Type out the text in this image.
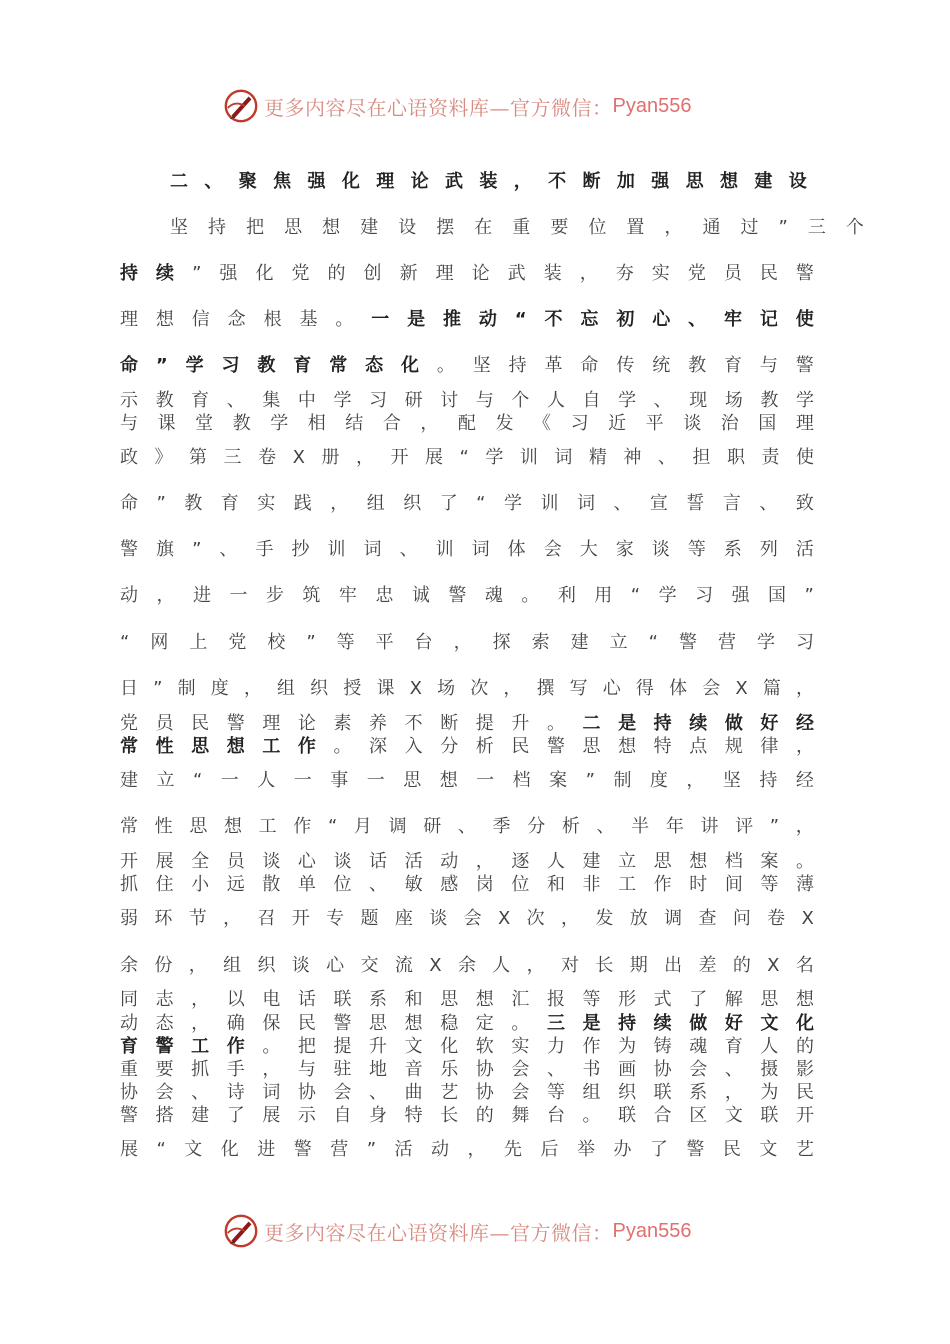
更多内容尽在心语资料库—官方微信： Pyan556
二 、 聚 焦 强 化 理 论 武 装 ， 不 断 加 强 思 想 建 设
坚 持 把 思 想 建 设 摆 在 重 要 位 置 ， 通 过 ” 三 个
持 续 ” 强 化 党 的 创 新 理 论 武 装 ， 夯 实 党 员 民 警
理 想 信 念 根 基 。 一 是 推 动 “ 不 忘 初 心 、 牢 记 使
命 ” 学 习 教 育 常 态 化 。 坚 持 革 命 传 统 教 育 与 警
示 教 育 、 集 中 学 习 研 讨 与 个 人 自 学 、 现 场 教 学
与 课 堂 教 学 相 结 合 ， 配 发 《 习 近 平 谈 治 国 理
政 》 第 三 卷 X 册 ， 开 展 “ 学 训 词 精 神 、 担 职 责 使
命 ” 教 育 实 践 ， 组 织 了 “ 学 训 词 、 宣 誓 言 、 致
警 旗 ” 、 手 抄 训 词 、 训 词 体 会 大 家 谈 等 系 列 活
动 ， 进 一 步 筑 牢 忠 诚 警 魂 。 利 用 “ 学 习 强 国 ”
“ 网 上 党 校 ” 等 平 台 ， 探 索 建 立 “ 警 营 学 习
日 ” 制 度 ， 组 织 授 课 X 场 次 ， 撰 写 心 得 体 会 X 篇 ，
党 员 民 警 理 论 素 养 不 断 提 升 。 二 是 持 续 做 好 经
常 性 思 想 工 作 。 深 入 分 析 民 警 思 想 特 点 规 律 ，
建 立 “ 一 人 一 事 一 思 想 一 档 案 ” 制 度 ， 坚 持 经
常 性 思 想 工 作 “ 月 调 研 、 季 分 析 、 半 年 讲 评 ” ，
开 展 全 员 谈 心 谈 话 活 动 ， 逐 人 建 立 思 想 档 案 。
抓 住 小 远 散 单 位 、 敏 感 岗 位 和 非 工 作 时 间 等 薄
弱 环 节 ， 召 开 专 题 座 谈 会 X 次 ， 发 放 调 查 问 卷 X
余 份 ， 组 织 谈 心 交 流 X 余 人 ， 对 长 期 出 差 的 X 名
同 志 ， 以 电 话 联 系 和 思 想 汇 报 等 形 式 了 解 思 想
动 态 ， 确 保 民 警 思 想 稳 定 。 三 是 持 续 做 好 文 化
育 警 工 作 。 把 提 升 文 化 软 实 力 作 为 铸 魂 育 人 的
重 要 抓 手 ， 与 驻 地 音 乐 协 会 、 书 画 协 会 、 摄 影
协 会 、 诗 词 协 会 、 曲 艺 协 会 等 组 织 联 系 ， 为 民
警 搭 建 了 展 示 自 身 特 长 的 舞 台 。 联 合 区 文 联 开
展 “ 文 化 进 警 营 ” 活 动 ， 先 后 举 办 了 警 民 文 艺
更多内容尽在心语资料库—官方微信： Pyan556
